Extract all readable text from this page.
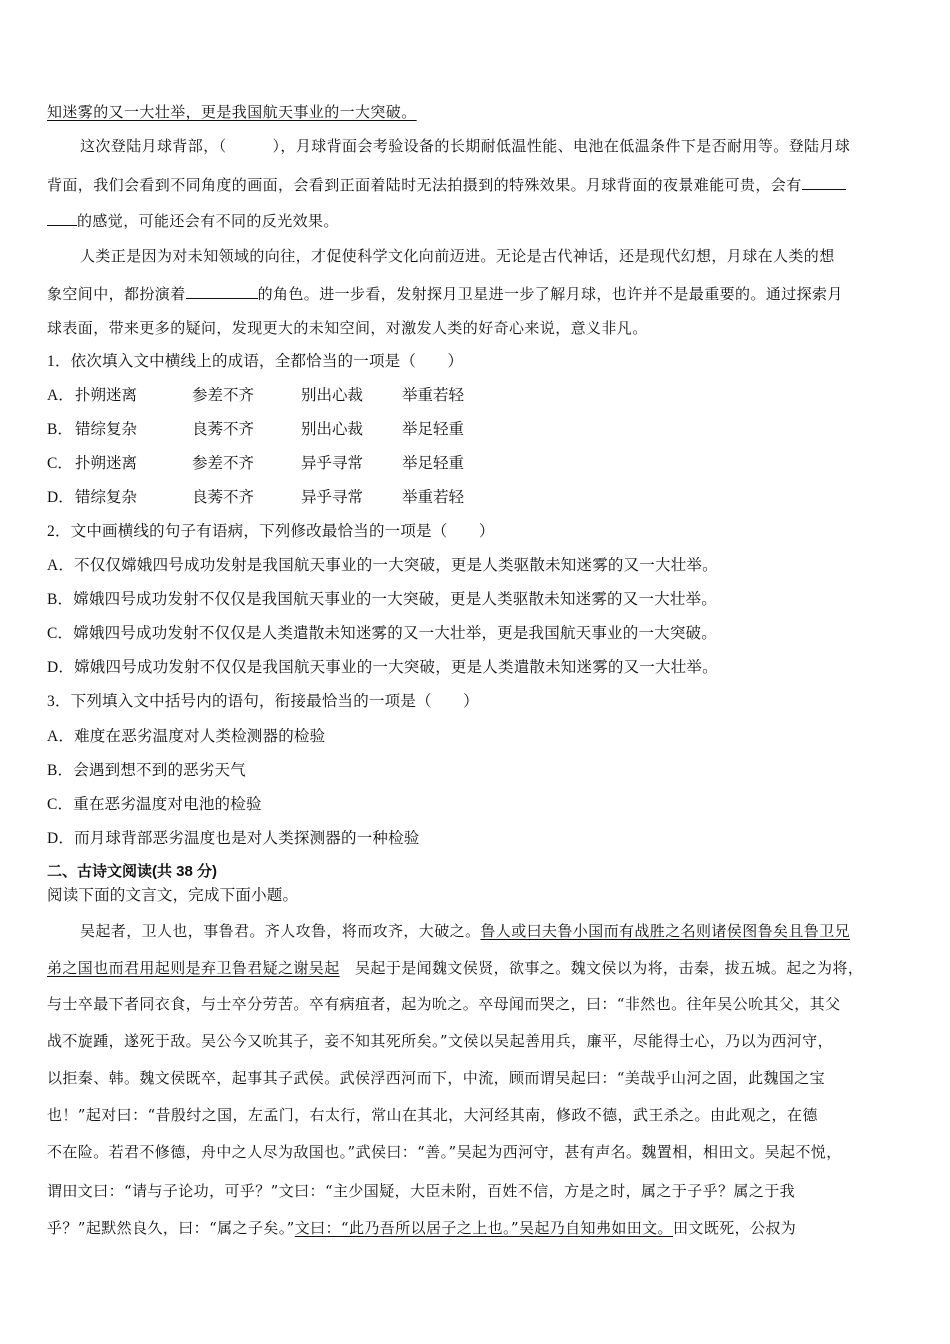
知迷雾的又一大壮举，更是我国航天事业的一大突破。
这次登陆月球背部，（	），月球背面会考验设备的长期耐低温性能、电池在低温条件下是否耐用等。登陆月球
背面，我们会看到不同角度的画面，会看到正面着陆时无法拍摄到的特殊效果。月球背面的夜景难能可贵，会有
的感觉，可能还会有不同的反光效果。
人类正是因为对未知领域的向往，才促使科学文化向前迈进。无论是古代神话，还是现代幻想，月球在人类的想
象空间中，都扮演着	的角色。进一步看，发射探月卫星进一步了解月球，也许并不是最重要的。通过探索月
球表面，带来更多的疑问，发现更大的未知空间，对激发人类的好奇心来说，意义非凡。
1．依次填入文中横线上的成语，全都恰当的一项是（　　）
A． 扑朔迷离	参差不齐	别出心裁	举重若轻
B． 错综复杂	良莠不齐	别出心裁	举足轻重
C． 扑朔迷离	参差不齐	异乎寻常	举足轻重
D． 错综复杂	良莠不齐	异乎寻常	举重若轻
2．文中画横线的句子有语病，下列修改最恰当的一项是（　　）
A．不仅仅嫦娥四号成功发射是我国航天事业的一大突破，更是人类驱散未知迷雾的又一大壮举。
B．嫦娥四号成功发射不仅仅是我国航天事业的一大突破，更是人类驱散未知迷雾的又一大壮举。
C．嫦娥四号成功发射不仅仅是人类遣散未知迷雾的又一大壮举，更是我国航天事业的一大突破。
D．嫦娥四号成功发射不仅仅是我国航天事业的一大突破，更是人类遣散未知迷雾的又一大壮举。
3．下列填入文中括号内的语句，衔接最恰当的一项是（　　）
A．难度在恶劣温度对人类检测器的检验
B．会遇到想不到的恶劣天气
C．重在恶劣温度对电池的检验
D．而月球背部恶劣温度也是对人类探测器的一种检验
二、古诗文阅读(共 38 分)
阅读下面的文言文，完成下面小题。
吴起者，卫人也，事鲁君。齐人攻鲁，将而攻齐，大破之。鲁人或曰夫鲁小国而有战胜之名则诸侯图鲁矣且鲁卫兄
弟之国也而君用起则是弃卫鲁君疑之谢吴起　 吴起于是闻魏文侯贤，欲事之。魏文侯以为将，击秦，拔五城。起之为将，
与士卒最下者同衣食，与士卒分劳苦。卒有病疽者，起为吮之。卒母闻而哭之，曰：“非然也。往年吴公吮其父，其父
战不旋踵，遂死于敌。吴公今又吮其子，妾不知其死所矣。”文侯以吴起善用兵，廉平，尽能得士心，乃以为西河守，
以拒秦、韩。魏文侯既卒，起事其子武侯。武侯浮西河而下，中流，顾而谓吴起曰：“美哉乎山河之固，此魏国之宝
也！”起对曰：“昔殷纣之国，左孟门，右太行，常山在其北，大河经其南，修政不德，武王杀之。由此观之，在德
不在险。若君不修德，舟中之人尽为敌国也。”武侯曰：“善。”吴起为西河守，甚有声名。魏置相，相田文。吴起不悦，
谓田文曰：“请与子论功，可乎？”文曰：“主少国疑，大臣未附，百姓不信，方是之时，属之于子乎？属之于我
乎？”起默然良久，曰：“属之子矣。”文曰：“此乃吾所以居子之上也。”吴起乃自知弗如田文。田文既死，公叔为
